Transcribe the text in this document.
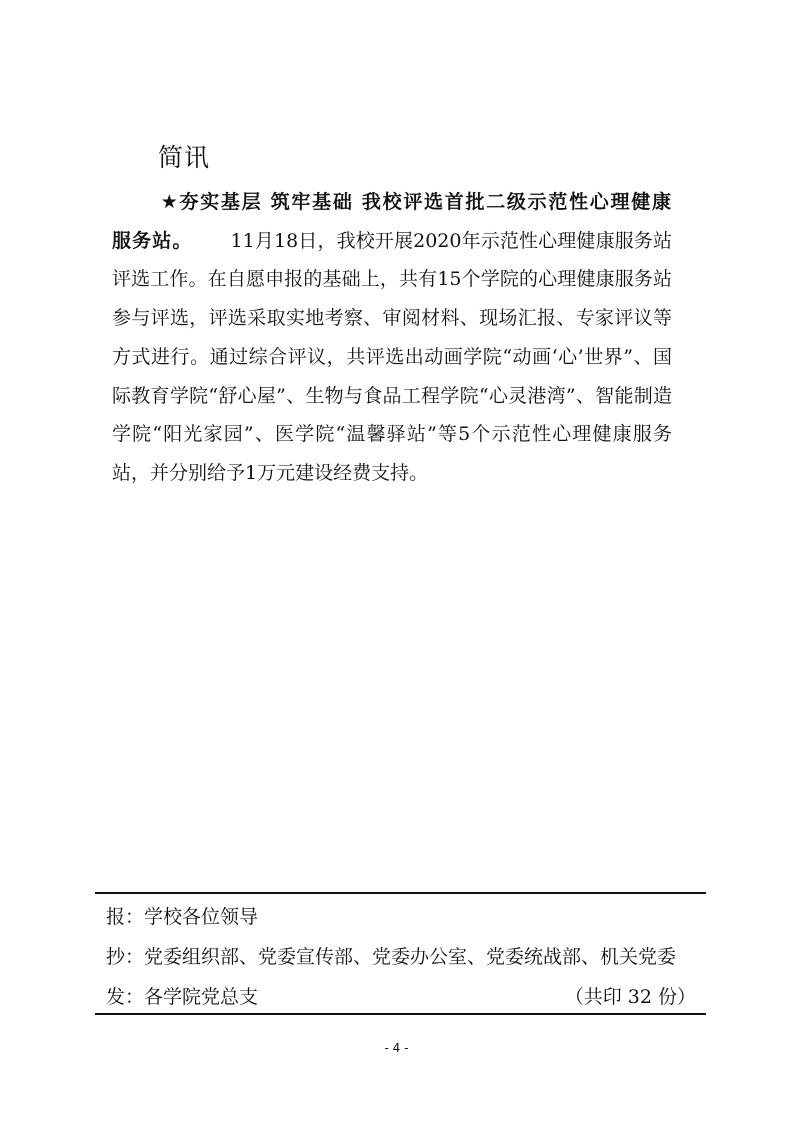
简讯

★夯实基层 筑牢基础 我校评选首批二级示范性心理健康服务站。 11月18日，我校开展2020年示范性心理健康服务站评选工作。在自愿申报的基础上，共有15个学院的心理健康服务站参与评选，评选采取实地考察、审阅材料、现场汇报、专家评议等方式进行。通过综合评议，共评选出动画学院“动画‘心’世界”、国际教育学院“舒心屋”、生物与食品工程学院“心灵港湾”、智能制造学院“阳光家园”、医学院“温馨驿站”等5个示范性心理健康服务站，并分别给予1万元建设经费支持。

报：学校各位领导
抄：党委组织部、党委宣传部、党委办公室、党委统战部、机关党委
发：各学院党总支	（共印 32 份）
- 4 -
